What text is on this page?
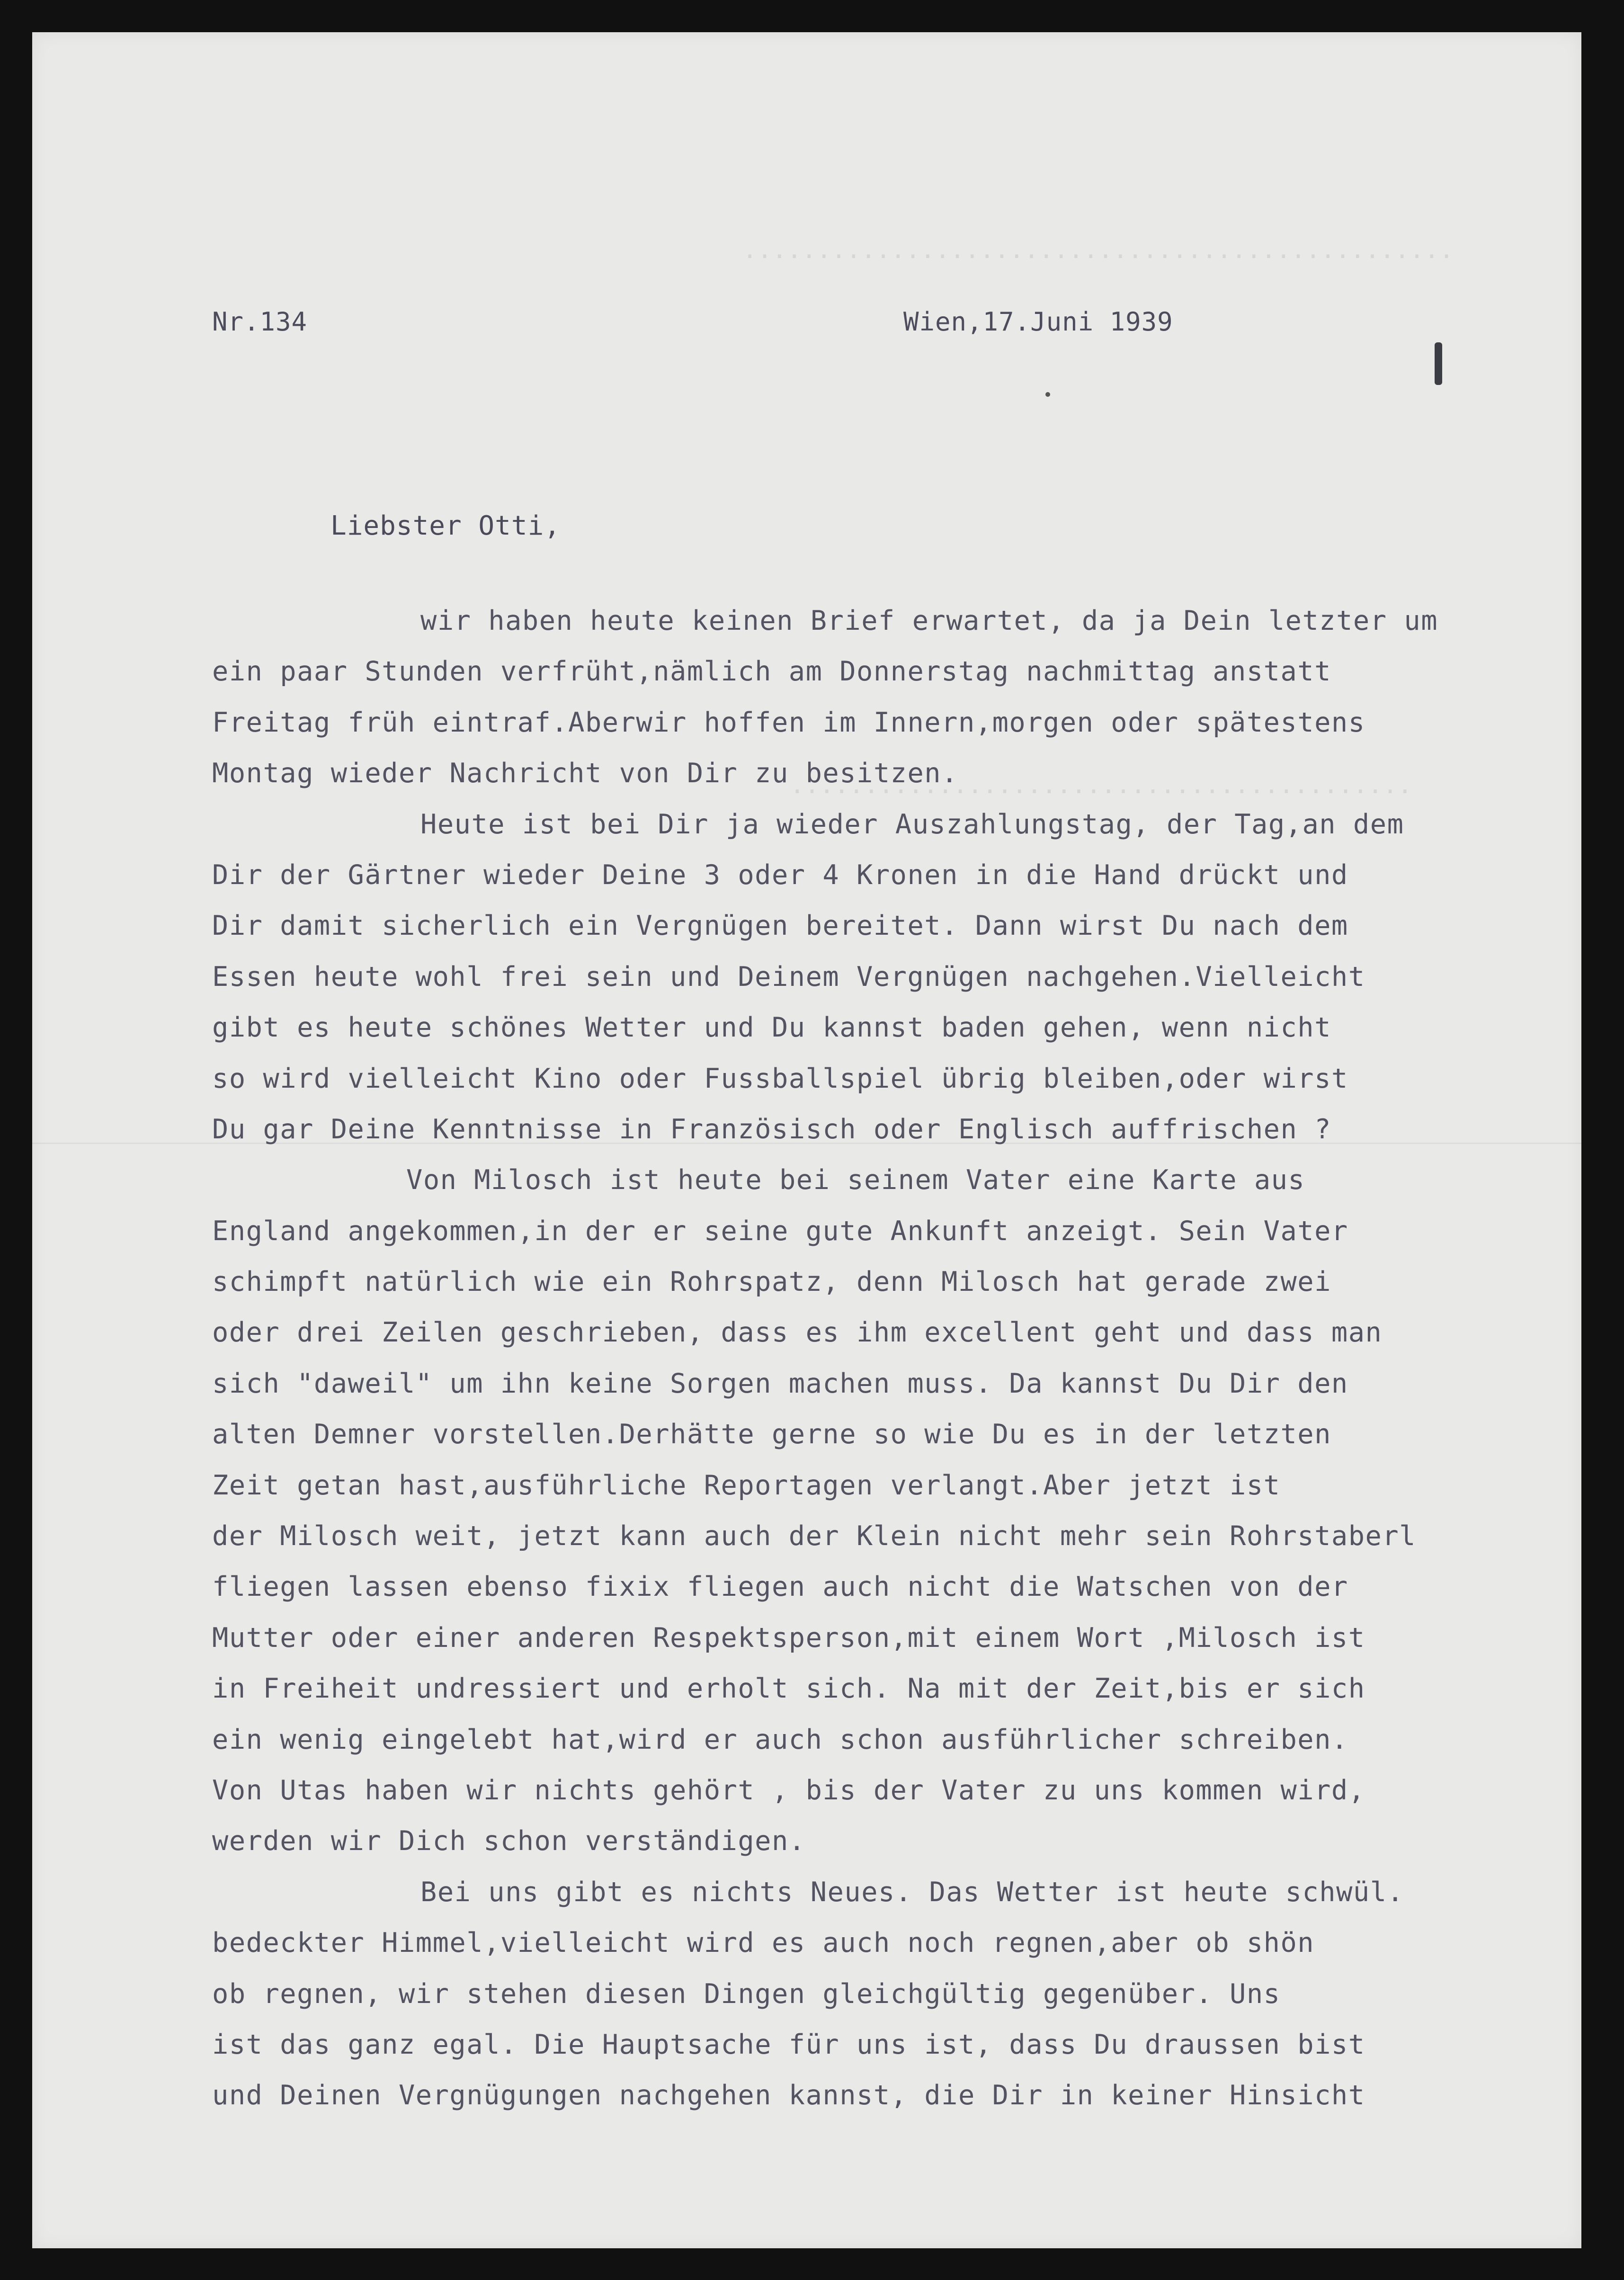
................................................
..........................................
Nr.134	Wien,17.Juni 1939
Liebster Otti,
wir haben heute keinen Brief erwartet, da ja Dein letzter um
ein paar Stunden verfrüht,nämlich am Donnerstag nachmittag anstatt
Freitag früh eintraf.Aberwir hoffen im Innern,morgen oder spätestens
Montag wieder Nachricht von Dir zu besitzen.
Heute ist bei Dir ja wieder Auszahlungstag, der Tag,an dem
Dir der Gärtner wieder Deine 3 oder 4 Kronen in die Hand drückt und
Dir damit sicherlich ein Vergnügen bereitet. Dann wirst Du nach dem
Essen heute wohl frei sein und Deinem Vergnügen nachgehen.Vielleicht
gibt es heute schönes Wetter und Du kannst baden gehen, wenn nicht
so wird vielleicht Kino oder Fussballspiel übrig bleiben,oder wirst
Du gar Deine Kenntnisse in Französisch oder Englisch auffrischen ?
Von Milosch ist heute bei seinem Vater eine Karte aus
England angekommen,in der er seine gute Ankunft anzeigt. Sein Vater
schimpft natürlich wie ein Rohrspatz, denn Milosch hat gerade zwei
oder drei Zeilen geschrieben, dass es ihm excellent geht und dass man
sich "daweil" um ihn keine Sorgen machen muss. Da kannst Du Dir den
alten Demner vorstellen.Derhätte gerne so wie Du es in der letzten
Zeit getan hast,ausführliche Reportagen verlangt.Aber jetzt ist
der Milosch weit, jetzt kann auch der Klein nicht mehr sein Rohrstaberl
fliegen lassen ebenso fixix fliegen auch nicht die Watschen von der
Mutter oder einer anderen Respektsperson,mit einem Wort ,Milosch ist
in Freiheit undressiert und erholt sich. Na mit der Zeit,bis er sich
ein wenig eingelebt hat,wird er auch schon ausführlicher schreiben.
Von Utas haben wir nichts gehört , bis der Vater zu uns kommen wird,
werden wir Dich schon verständigen.
Bei uns gibt es nichts Neues. Das Wetter ist heute schwül.
bedeckter Himmel,vielleicht wird es auch noch regnen,aber ob shön
ob regnen, wir stehen diesen Dingen gleichgültig gegenüber. Uns
ist das ganz egal. Die Hauptsache für uns ist, dass Du draussen bist
und Deinen Vergnügungen nachgehen kannst, die Dir in keiner Hinsicht
